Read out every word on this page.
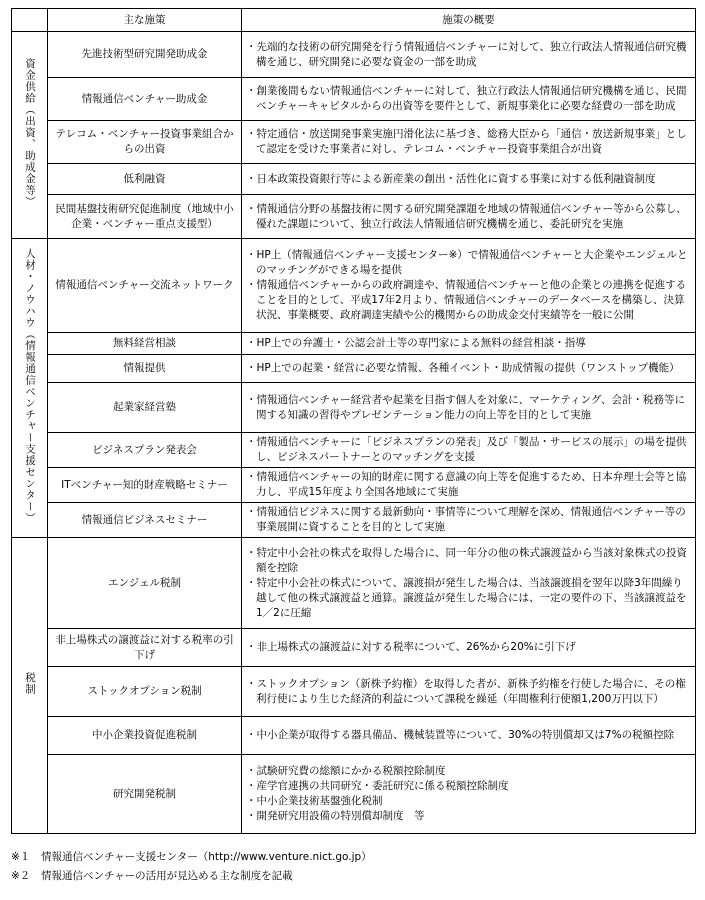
	主な施策	施策の概要
資金供給（出資、助成金等）	先進技術型研究開発助成金	・先端的な技術の研究開発を行う情報通信ベンチャーに対して、独立行政法人情報通信研究機構を通じ、研究開発に必要な資金の一部を助成

	情報通信ベンチャー助成金	・創業後間もない情報通信ベンチャーに対して、独立行政法人情報通信研究機構を通じ、民間ベンチャーキャピタルからの出資等を要件として、新規事業化に必要な経費の一部を助成

	テレコム・ベンチャー投資事業組合からの出資	・特定通信・放送開発事業実施円滑化法に基づき、総務大臣から「通信・放送新規事業」として認定を受けた事業者に対し、テレコム・ベンチャー投資事業組合が出資

	低利融資	・日本政策投資銀行等による新産業の創出・活性化に資する事業に対する低利融資制度

	民間基盤技術研究促進制度（地域中小企業・ベンチャー重点支援型）	・情報通信分野の基盤技術に関する研究開発課題を地域の情報通信ベンチャー等から公募し、優れた課題について、独立行政法人情報通信研究機構を通じ、委託研究を実施

人材・ノウハウ（情報通信ベンチャー支援センター）	情報通信ベンチャー交流ネットワーク	・HP上（情報通信ベンチャー支援センター※）で情報通信ベンチャーと大企業やエンジェルとのマッチングができる場を提供
・情報通信ベンチャーからの政府調達や、情報通信ベンチャーと他の企業との連携を促進することを目的として、平成17年2月より、情報通信ベンチャーのデータベースを構築し、決算状況、事業概要、政府調達実績や公的機関からの助成金交付実績等を一般に公開

	無料経営相談	・HP上での弁護士・公認会計士等の専門家による無料の経営相談・指導

	情報提供	・HP上での起業・経営に必要な情報、各種イベント・助成情報の提供（ワンストップ機能）

	起業家経営塾	・情報通信ベンチャー経営者や起業を目指す個人を対象に、マーケティング、会計・税務等に関する知識の習得やプレゼンテーション能力の向上等を目的として実施

	ビジネスプラン発表会	・情報通信ベンチャーに「ビジネスプランの発表」及び「製品・サービスの展示」の場を提供し、ビジネスパートナーとのマッチングを支援

	ITベンチャー知的財産戦略セミナー	・情報通信ベンチャーの知的財産に関する意識の向上等を促進するため、日本弁理士会等と協力し、平成15年度より全国各地域にて実施

	情報通信ビジネスセミナー	・情報通信ビジネスに関する最新動向・事情等について理解を深め、情報通信ベンチャー等の事業展開に資することを目的として実施

税制	エンジェル税制	・特定中小会社の株式を取得した場合に、同一年分の他の株式譲渡益から当該対象株式の投資額を控除
・特定中小会社の株式について、譲渡損が発生した場合は、当該譲渡損を翌年以降3年間繰り越して他の株式譲渡益と通算。譲渡益が発生した場合には、一定の要件の下、当該譲渡益を1／2に圧縮

	非上場株式の譲渡益に対する税率の引下げ	・非上場株式の譲渡益に対する税率について、26%から20%に引下げ

	ストックオプション税制	・ストックオプション（新株予約権）を取得した者が、新株予約権を行使した場合に、その権利行使により生じた経済的利益について課税を繰延（年間権利行使額1,200万円以下）

	中小企業投資促進税制	・中小企業が取得する器具備品、機械装置等について、30%の特別償却又は7%の税額控除

	研究開発税制	・試験研究費の総額にかかる税額控除制度
・産学官連携の共同研究・委託研究に係る税額控除制度
・中小企業技術基盤強化税制
・開発研究用設備の特別償却制度　等
※１ 情報通信ベンチャー支援センター（http://www.venture.nict.go.jp）
※２ 情報通信ベンチャーの活用が見込める主な制度を記載
